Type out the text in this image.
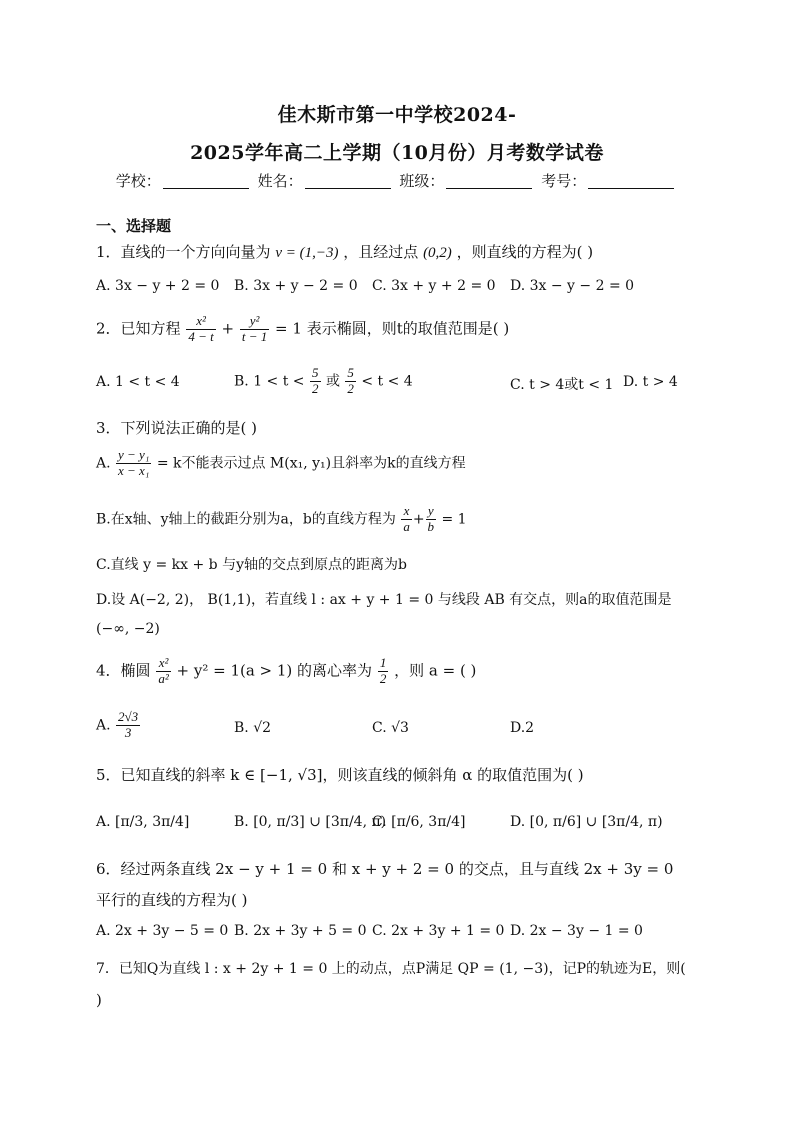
佳木斯市第一中学校2024-
2025学年高二上学期（10月份）月考数学试卷
学校：	姓名：	班级：	考号：
一、选择题
1．直线的一个方向向量为 v = (1,−3) ，且经过点 (0,2) ，则直线的方程为( )
A. 3x − y + 2 = 0 B. 3x + y − 2 = 0 C. 3x + y + 2 = 0 D. 3x − y − 2 = 0
2．已知方程 $\frac{\text{x²}}{4 - t} + \frac{\text{y²}}{t - 1} = 1$ 表示椭圆，则t的取值范围是( )
A. 1 < t < 4	B. $1 < t < \frac{5}{2}$ 或 $\frac{5}{2} < t < 4$	C. t > 4或t < 1 D. t > 4
3．下列说法正确的是( )
A. $\frac{\text{y − y₁}}{\text{x − x₁}} = k$不能表示过点 M(x₁, y₁)且斜率为k的直线方程
B.在x轴、y轴上的截距分别为a，b的直线方程为 $\frac{x}{a} + \frac{y}{b} = 1$
C.直线 y = kx + b 与y轴的交点到原点的距离为b
D.设 A(−2, 2)， B(1,1)，若直线 l : ax + y + 1 = 0 与线段 AB 有交点，则a的取值范围是
(−∞, −2)
4．椭圆 $\frac{\text{x²}}{\text{a²}} + y^2 = 1(a > 1)$ 的离心率为 $\frac{1}{2}$ ，则 a = ( )
A. $\frac{2√3}{3}$	B. √2	C. √3	D.2
5．已知直线的斜率 k ∈ [−1, √3]，则该直线的倾斜角 α 的取值范围为( )
A. [π/3, 3π/4]	B. [0, π/3] ∪ [3π/4, π)
C. [π/6, 3π/4]	D. [0, π/6] ∪ [3π/4, π)
6．经过两条直线 2x − y + 1 = 0 和 x + y + 2 = 0 的交点，且与直线 2x + 3y = 0
平行的直线的方程为( )
A. 2x + 3y − 5 = 0 B. 2x + 3y + 5 = 0 C. 2x + 3y + 1 = 0 D. 2x − 3y − 1 = 0
7．已知Q为直线 l : x + 2y + 1 = 0 上的动点，点P满足 QP = (1, −3)，记P的轨迹为E，则(
)
